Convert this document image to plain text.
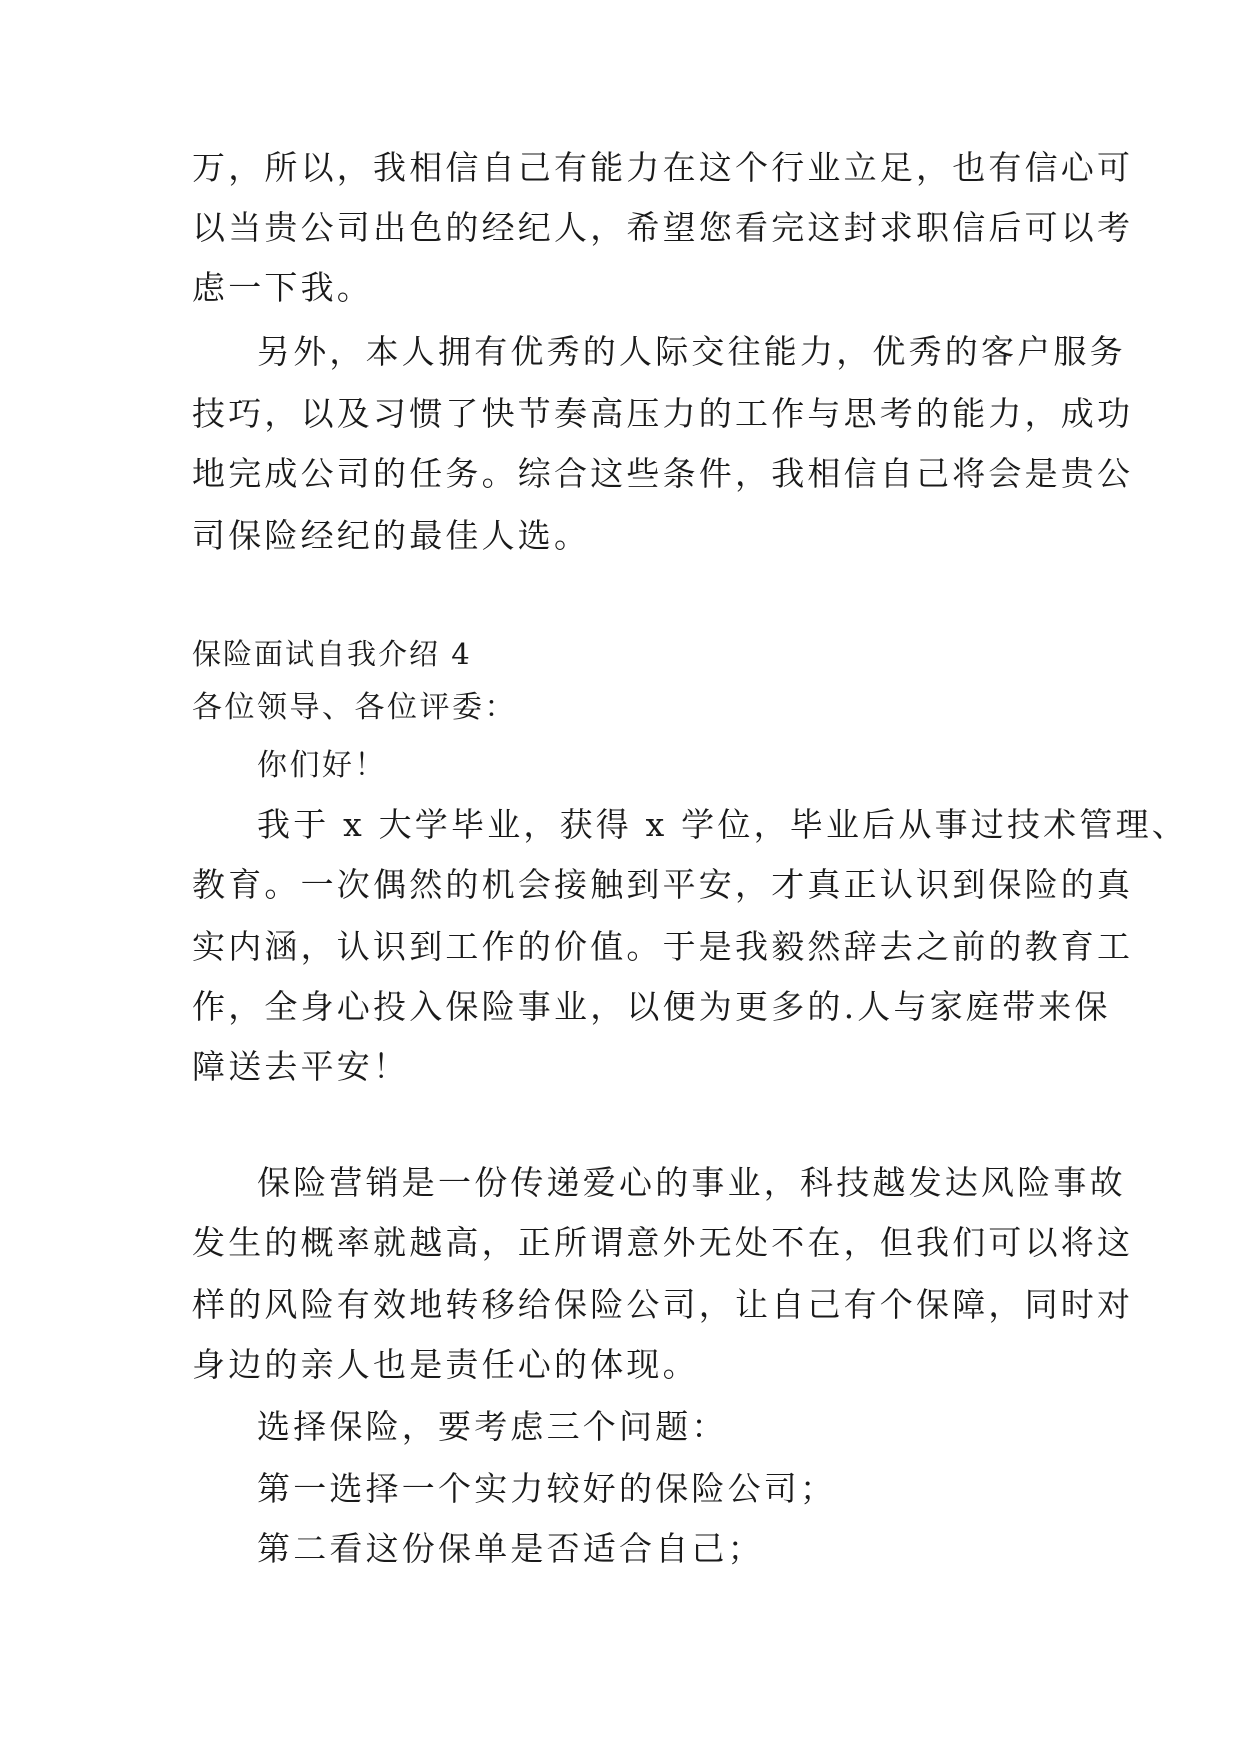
万，所以，我相信自己有能力在这个行业立足，也有信心可
以当贵公司出色的经纪人，希望您看完这封求职信后可以考
虑一下我。
另外，本人拥有优秀的人际交往能力，优秀的客户服务
技巧，以及习惯了快节奏高压力的工作与思考的能力，成功
地完成公司的任务。综合这些条件，我相信自己将会是贵公
司保险经纪的最佳人选。
保险面试自我介绍 4
各位领导、各位评委：
你们好！
我于 x 大学毕业，获得 x 学位，毕业后从事过技术管理、
教育。一次偶然的机会接触到平安，才真正认识到保险的真
实内涵，认识到工作的价值。于是我毅然辞去之前的教育工
作，全身心投入保险事业，以便为更多的.人与家庭带来保
障送去平安！
保险营销是一份传递爱心的事业，科技越发达风险事故
发生的概率就越高，正所谓意外无处不在，但我们可以将这
样的风险有效地转移给保险公司，让自己有个保障，同时对
身边的亲人也是责任心的体现。
选择保险，要考虑三个问题：
第一选择一个实力较好的保险公司；
第二看这份保单是否适合自己；
